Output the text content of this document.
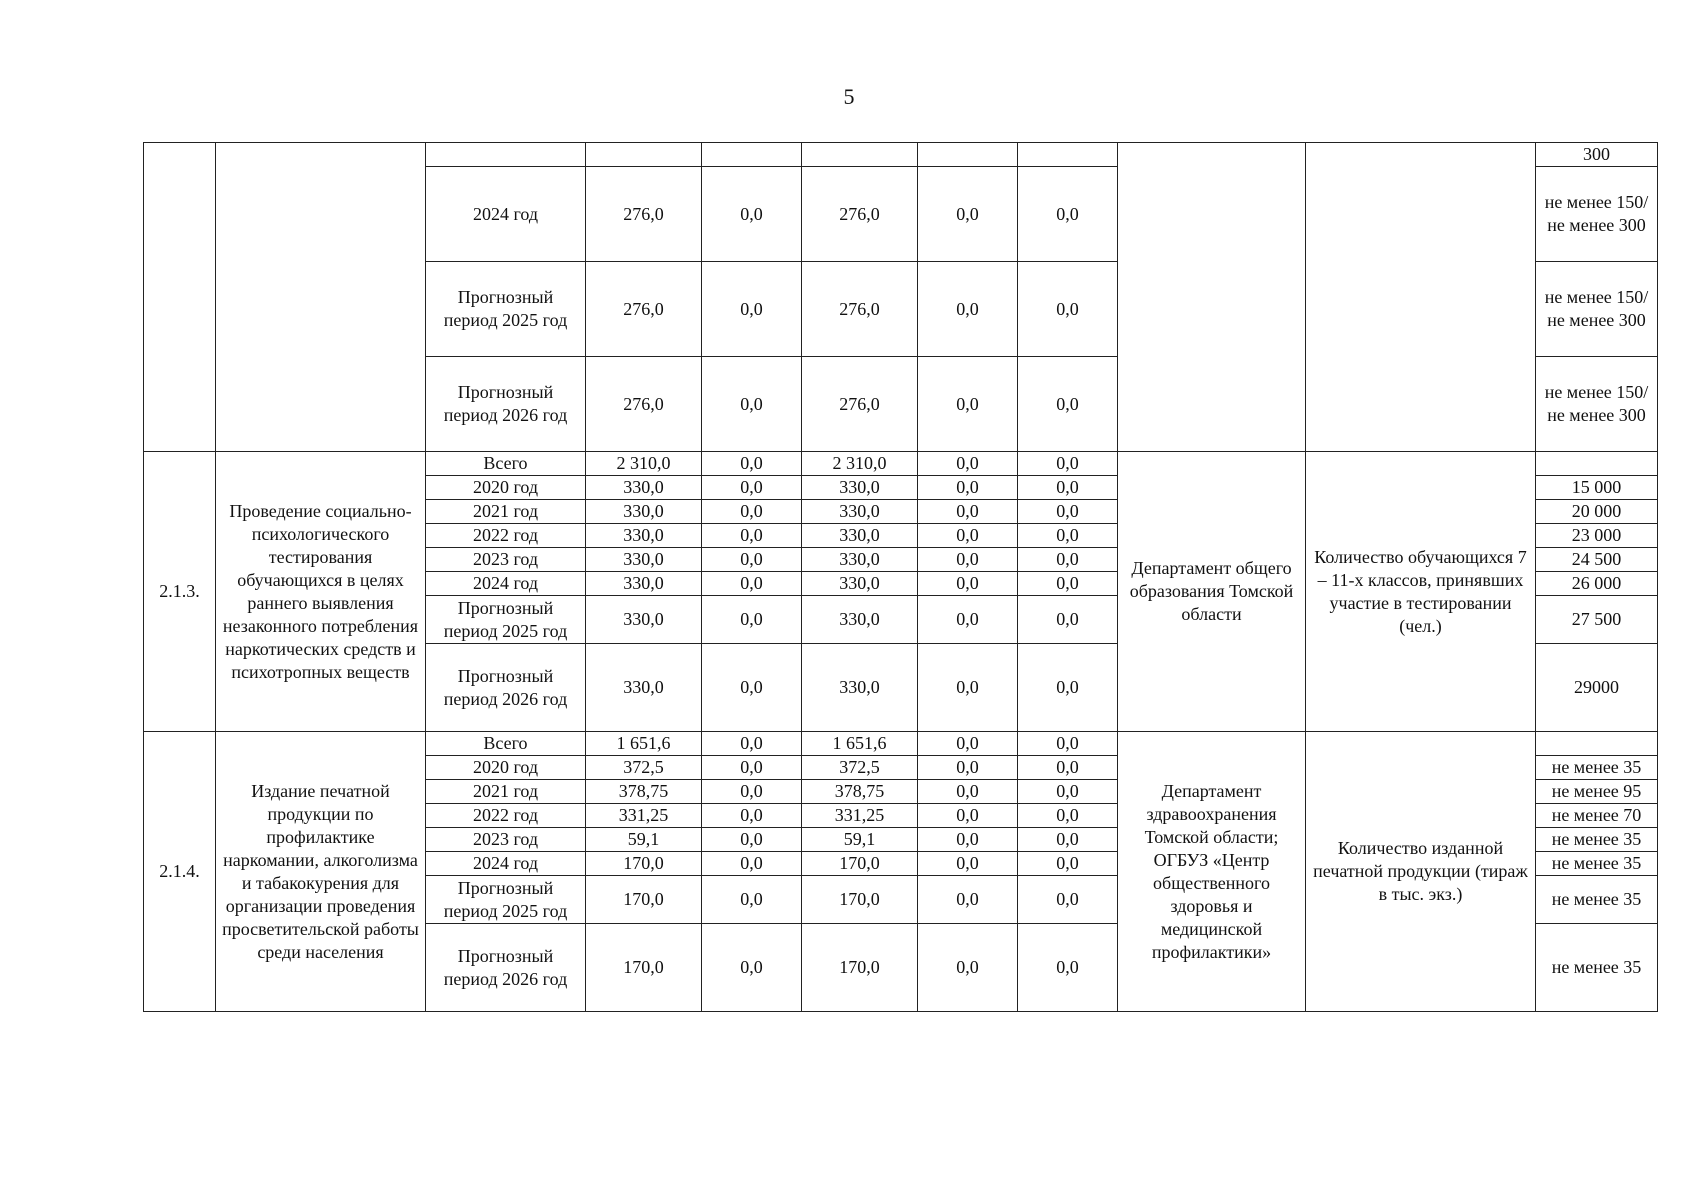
5
										300
		2024 год	276,0	0,0	276,0	0,0	0,0			не менее 150/ не менее 300
		Прогнозный период 2025 год	276,0	0,0	276,0	0,0	0,0			не менее 150/ не менее 300
		Прогнозный период 2026 год	276,0	0,0	276,0	0,0	0,0			не менее 150/ не менее 300
2.1.3.	Проведение социально-психологического тестирования обучающихся в целях раннего выявления незаконного потребления наркотических средств и психотропных веществ	Всего	2 310,0	0,0	2 310,0	0,0	0,0	Департамент общего образования Томской области	Количество обучающихся 7 – 11-х классов, принявших участие в тестировании (чел.)	
		2020 год	330,0	0,0	330,0	0,0	0,0			15 000
		2021 год	330,0	0,0	330,0	0,0	0,0			20 000
		2022 год	330,0	0,0	330,0	0,0	0,0			23 000
		2023 год	330,0	0,0	330,0	0,0	0,0			24 500
		2024 год	330,0	0,0	330,0	0,0	0,0			26 000
		Прогнозный период 2025 год	330,0	0,0	330,0	0,0	0,0			27 500
		Прогнозный период 2026 год	330,0	0,0	330,0	0,0	0,0			29000
2.1.4.	Издание печатной продукции по профилактике наркомании, алкоголизма и табакокурения для организации проведения просветительской работы среди населения	Всего	1 651,6	0,0	1 651,6	0,0	0,0	Департамент здравоохранения Томской области; ОГБУЗ «Центр общественного здоровья и медицинской профилактики»	Количество изданной печатной продукции (тираж в тыс. экз.)	
		2020 год	372,5	0,0	372,5	0,0	0,0			не менее 35
		2021 год	378,75	0,0	378,75	0,0	0,0			не менее 95
		2022 год	331,25	0,0	331,25	0,0	0,0			не менее 70
		2023 год	59,1	0,0	59,1	0,0	0,0			не менее 35
		2024 год	170,0	0,0	170,0	0,0	0,0			не менее 35
		Прогнозный период 2025 год	170,0	0,0	170,0	0,0	0,0			не менее 35
		Прогнозный период 2026 год	170,0	0,0	170,0	0,0	0,0			не менее 35
